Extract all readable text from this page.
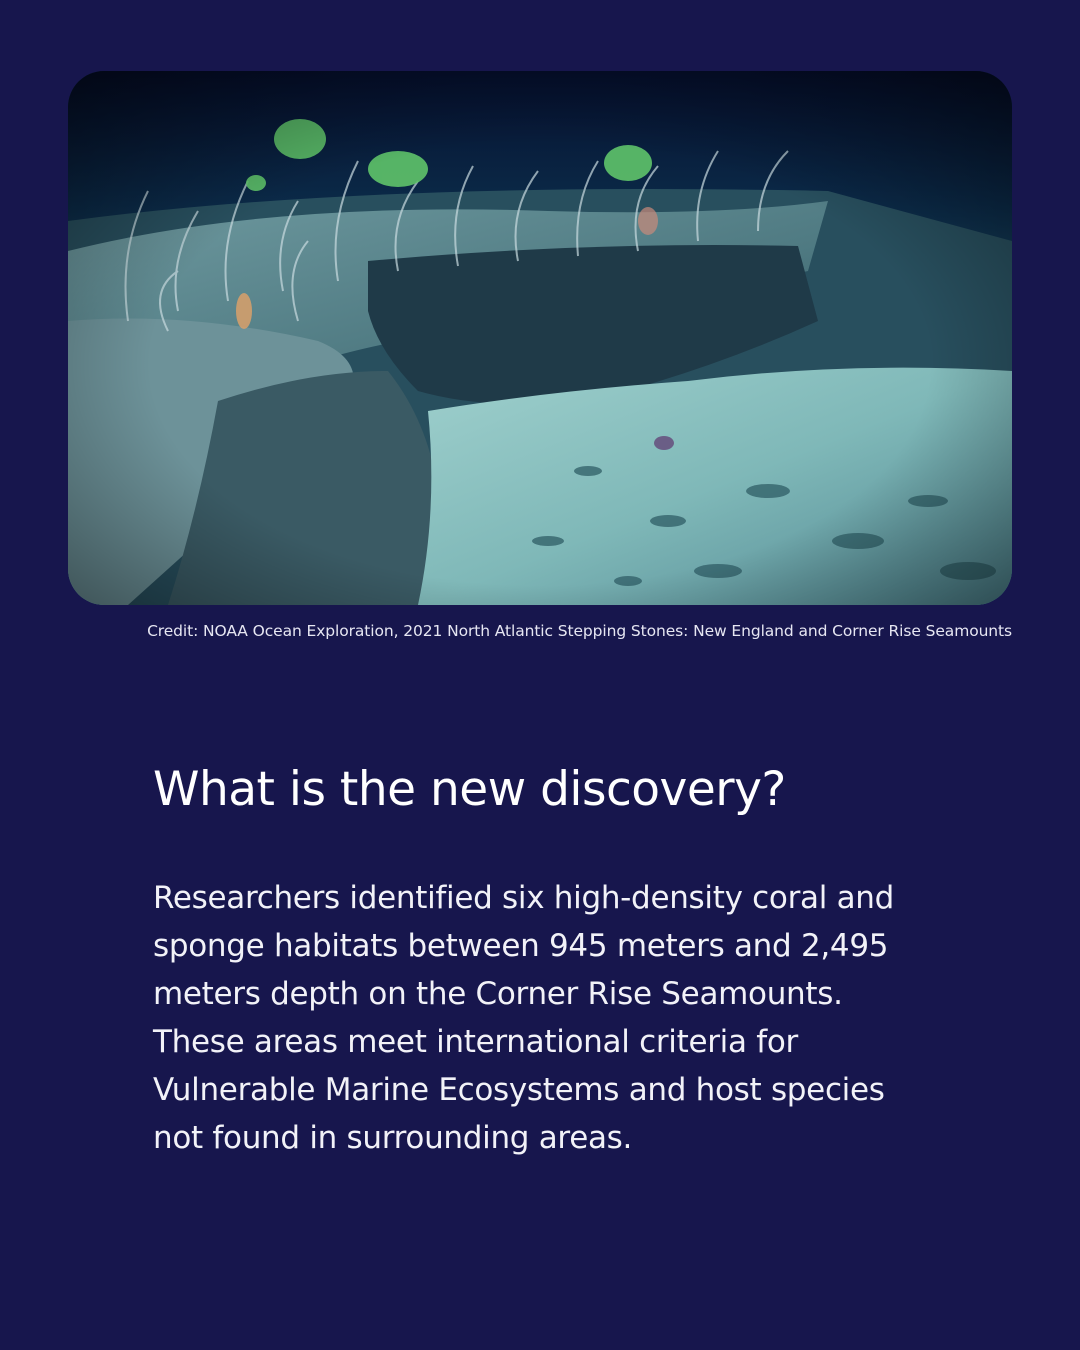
Credit: NOAA Ocean Exploration, 2021 North Atlantic Stepping Stones: New England and Corner Rise Seamounts
What is the new discovery?

Researchers identified six high-density coral and sponge habitats between 945 meters and 2,495 meters depth on the Corner Rise Seamounts. These areas meet international criteria for Vulnerable Marine Ecosystems and host species not found in surrounding areas.
